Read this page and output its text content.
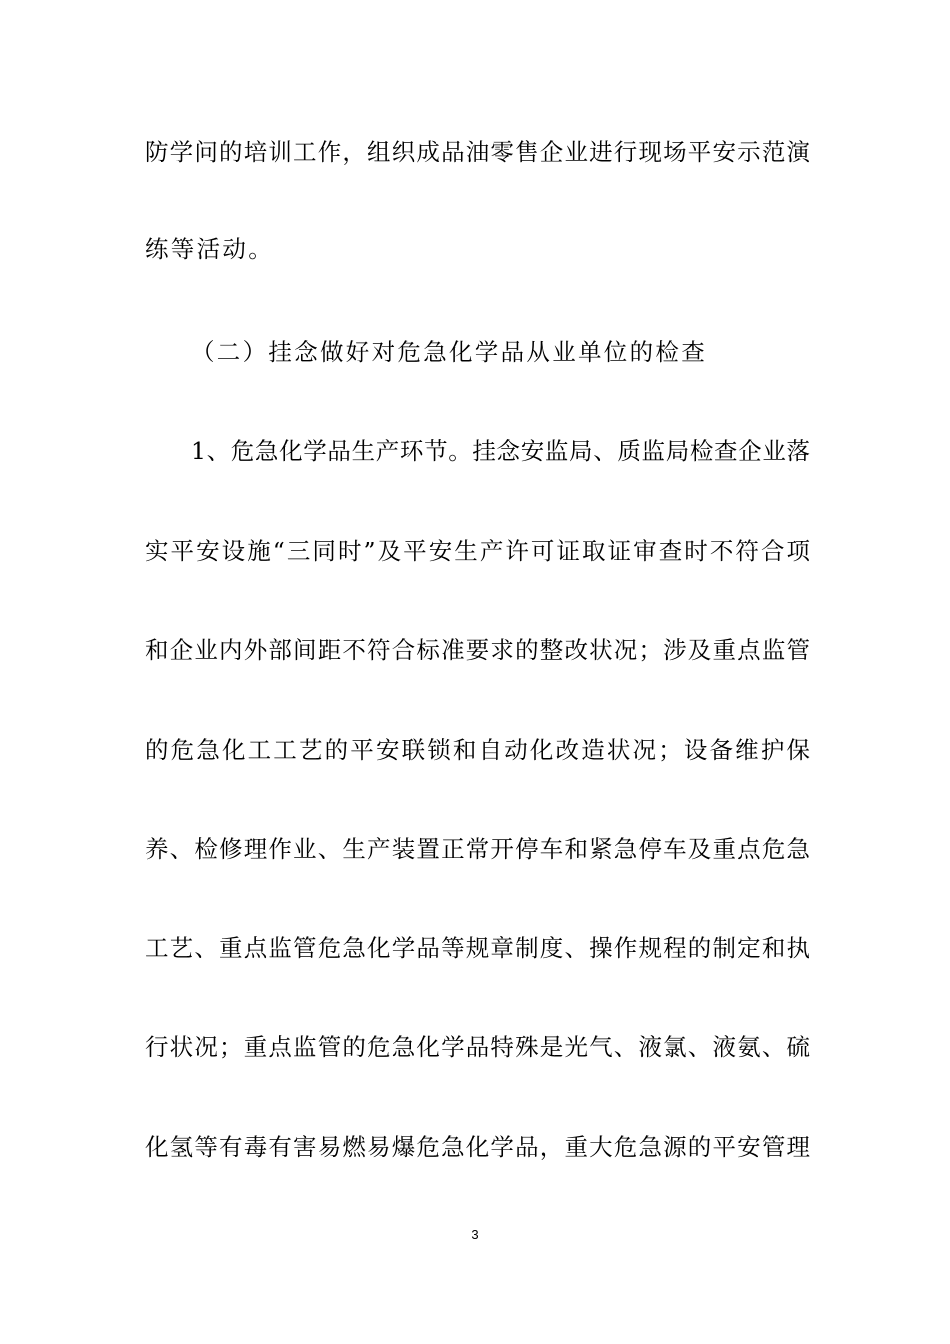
防学问的培训工作，组织成品油零售企业进行现场平安示范演
练等活动。
（二）挂念做好对危急化学品从业单位的检查
1、危急化学品生产环节。挂念安监局、质监局检查企业落
实平安设施“三同时”及平安生产许可证取证审查时不符合项
和企业内外部间距不符合标准要求的整改状况；涉及重点监管
的危急化工工艺的平安联锁和自动化改造状况；设备维护保
养、检修理作业、生产装置正常开停车和紧急停车及重点危急
工艺、重点监管危急化学品等规章制度、操作规程的制定和执
行状况；重点监管的危急化学品特殊是光气、液氯、液氨、硫
化氢等有毒有害易燃易爆危急化学品，重大危急源的平安管理
3
